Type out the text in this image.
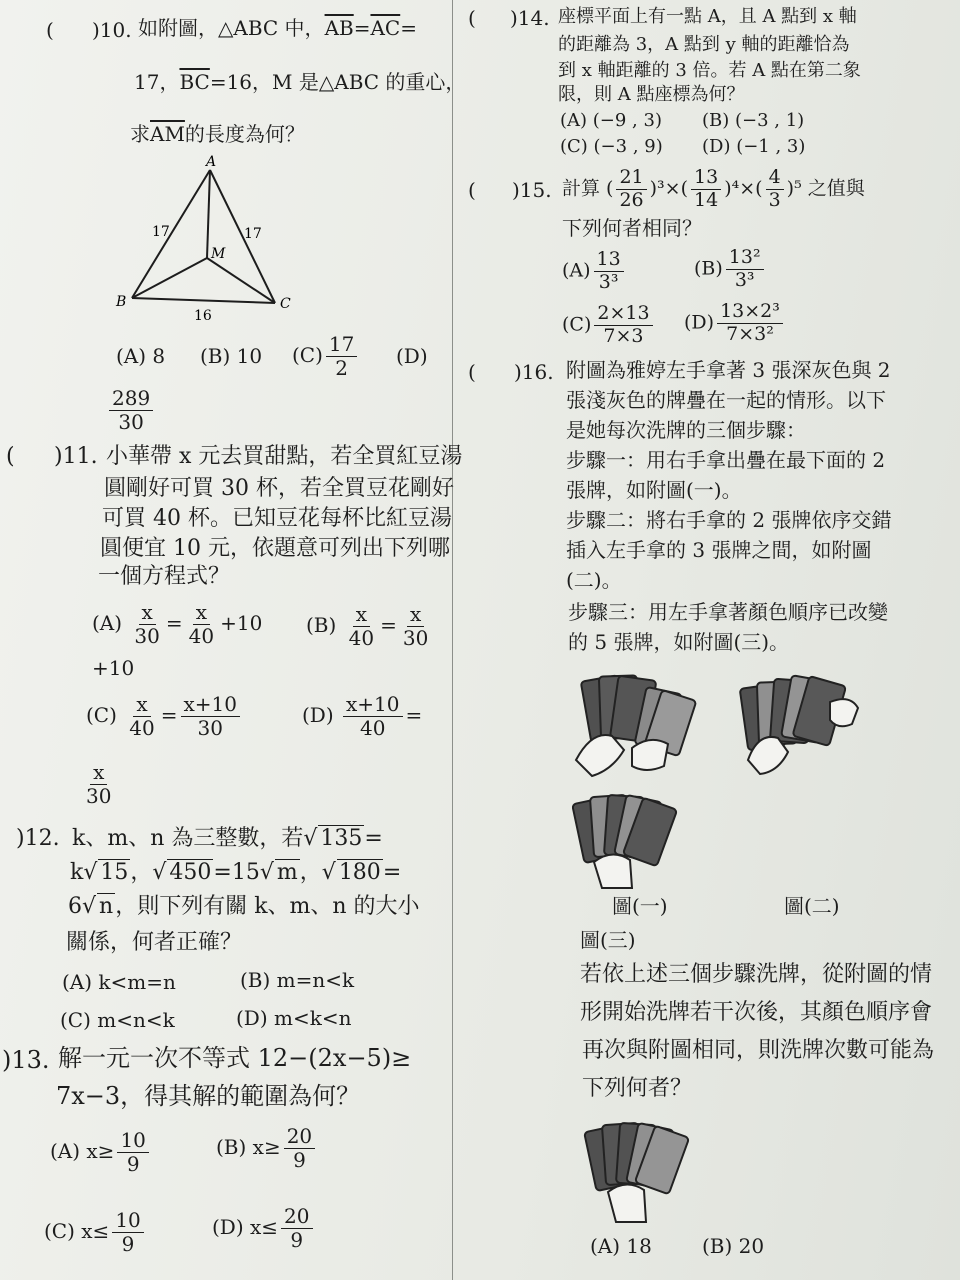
( )10. 如附圖，△ABC 中，$\overline{AB}=\overline{AC}=$
17，$\overline{BC}=16$，M 是△ABC 的重心，
求$\overline{AM}$的長度為何？
A
B	C
M
17	17
16
(A) 8 (B) 10 $(C) \frac{17}{2} (D)$
$\frac{289}{30}$
( )11. 小華帶 x 元去買甜點，若全買紅豆湯
圓剛好可買 30 杯，若全買豆花剛好
可買 40 杯。已知豆花每杯比紅豆湯
圓便宜 10 元，依題意可列出下列哪
一個方程式？
$(A) \frac{x}{30} = \frac{x}{40} +10$ $(B) \frac{x}{40} = \frac{x}{30}$
+10
$(C) \frac{x}{40} = \frac{x+10}{30}$	$(D) \frac{x+10}{40}$ =
$\frac{x}{30}$
)12. k、m、n 為三整數，若√ 135=
k√ 15，√ 450=15√ m，√ 180=
6√ n，則下列有關 k、m、n 的大小
關係，何者正確？
(A) k<m=n	(B) m=n<k
(C) m<n<k	(D) m<k<n
)13. 解一元一次不等式 12−(2x−5)≥
7x−3，得其解的範圍為何？
(A) $x\ge \frac{10}{9}$	(B) $x\ge \frac{20}{9}$
(C) $x\le \frac{10}{9}$	(D) $x\le \frac{20}{9}$
( )14. 座標平面上有一點 A，且 A 點到 x 軸
的距離為 3，A 點到 y 軸的距離恰為
到 x 軸距離的 3 倍。若 A 點在第二象
限，則 A 點座標為何？
(A) (−9 , 3) (B) (−3 , 1)
(C) (−3 , 9) (D) (−1 , 3)
( )15. 計算 ( $\frac{21}{26} )^3\times( \frac{13}{14} )^4\times( \frac{4}{3} )^5$ 之值與
下列何者相同？
$(A) \frac{13}{\text{3³}}$	$(B) \frac{\text{13²}}{\text{3³}}$
$(C) \frac{2\times 13}{7\times 3} (D) \frac{\text{13×2³}}{\text{7×3²}}$
( )16. 附圖為雅婷左手拿著 3 張深灰色與 2
張淺灰色的牌疊在一起的情形。以下
是她每次洗牌的三個步驟：
步驟一：用右手拿出疊在最下面的 2
張牌，如附圖(一)。
步驟二：將右手拿的 2 張牌依序交錯
插入左手拿的 3 張牌之間，如附圖
(二)。
步驟三：用左手拿著顏色順序已改變
的 5 張牌，如附圖(三)。
圖(一)	圖(二)
圖(三)
若依上述三個步驟洗牌，從附圖的情
形開始洗牌若干次後，其顏色順序會
再次與附圖相同，則洗牌次數可能為
下列何者？
(A) 18	(B) 20
